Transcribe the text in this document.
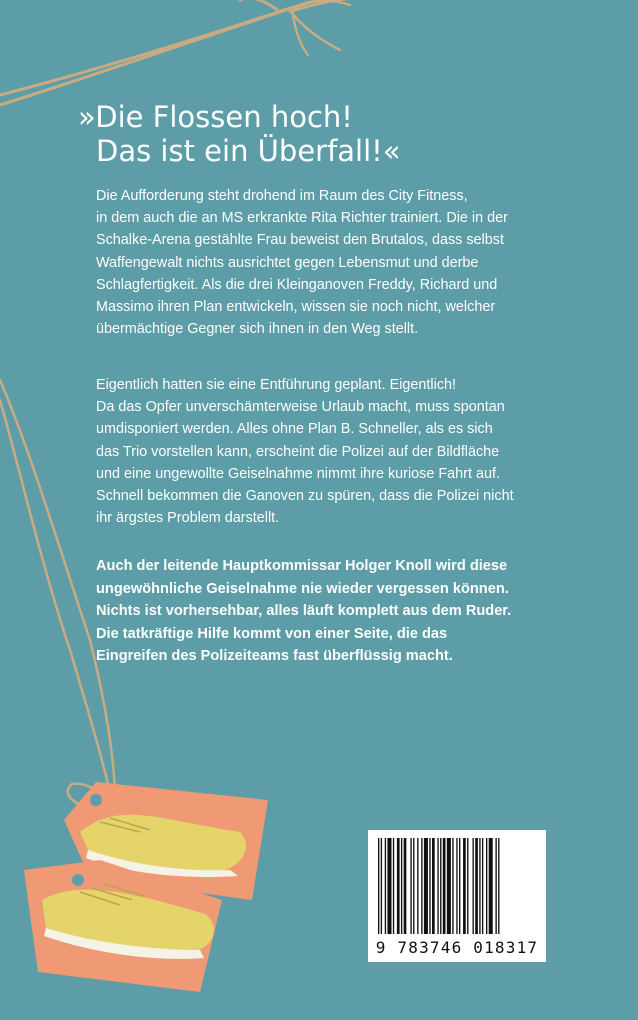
»Die Flossen hoch!
Das ist ein Überfall!«

Die Aufforderung steht drohend im Raum des City Fitness,
in dem auch die an MS erkrankte Rita Richter trainiert. Die in der
Schalke-Arena gestählte Frau beweist den Brutalos, dass selbst
Waffengewalt nichts ausrichtet gegen Lebensmut und derbe
Schlagfertigkeit. Als die drei Kleinganoven Freddy, Richard und
Massimo ihren Plan entwickeln, wissen sie noch nicht, welcher
übermächtige Gegner sich ihnen in den Weg stellt.

Eigentlich hatten sie eine Entführung geplant. Eigentlich!
Da das Opfer unverschämterweise Urlaub macht, muss spontan
umdisponiert werden. Alles ohne Plan B. Schneller, als es sich
das Trio vorstellen kann, erscheint die Polizei auf der Bildfläche
und eine ungewollte Geiselnahme nimmt ihre kuriose Fahrt auf.
Schnell bekommen die Ganoven zu spüren, dass die Polizei nicht
ihr ärgstes Problem darstellt.

Auch der leitende Hauptkommissar Holger Knoll wird diese
ungewöhnliche Geiselnahme nie wieder vergessen können.
Nichts ist vorhersehbar, alles läuft komplett aus dem Ruder.
Die tatkräftige Hilfe kommt von einer Seite, die das
Eingreifen des Polizeiteams fast überflüssig macht.

9 783746 018317
